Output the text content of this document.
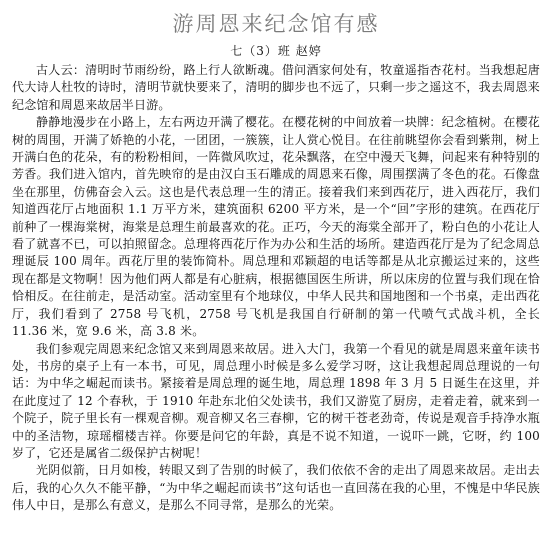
游周恩来纪念馆有感
七（3）班 赵婷

古人云：清明时节雨纷纷，路上行人欲断魂。借问酒家何处有，牧童遥指杏花村。当我想起唐代大诗人杜牧的诗时，清明节就快要来了，清明的脚步也不远了，只剩一步之遥这不，我去周恩来纪念馆和周恩来故居半日游。

静静地漫步在小路上，左右两边开满了樱花。在樱花树的中间放着一块牌：纪念植树。在樱花树的周围，开满了娇艳的小花，一团团，一簇簇，让人赏心悦目。在往前眺望你会看到紫荆，树上开满白色的花朵，有的粉粉相间，一阵微风吹过，花朵飘落，在空中漫天飞舞，问起来有种特别的芳香。我们进入馆内，首先映帘的是由汉白玉石雕成的周恩来石像，周围摆满了冬色的花。石像盘坐在那里，仿佛奋会入云。这也是代表总理一生的清正。接着我们来到西花厅，进入西花厅，我们知道西花厅占地面积 1.1 万平方米，建筑面积 6200 平方米，是一个“回”字形的建筑。在西花厅前种了一棵海棠树，海棠是总理生前最喜欢的花。正巧，今天的海棠全部开了，粉白色的小花让人看了就喜不已，可以拍照留念。总理将西花厅作为办公和生活的场所。建造西花厅是为了纪念周总理诞辰 100 周年。西花厅里的装饰简朴。周总理和邓颖超的电话等都是从北京搬运过来的，这些现在都是文物啊！因为他们两人都是有心脏病，根据德国医生所讲，所以床房的位置与我们现在恰恰相反。在往前走，是活动室。活动室里有个地球仪，中华人民共和国地图和一个书桌，走出西花厅，我们看到了 2758 号飞机，2758 号飞机是我国自行研制的第一代喷气式战斗机，全长 11.36 米，宽 9.6 米，高 3.8 米。

我们参观完周恩来纪念馆又来到周恩来故居。进入大门，我第一个看见的就是周恩来童年读书处，书房的桌子上有一本书，可见，周总理小时候是多么爱学习呀，这让我想起周总理说的一句话：为中华之崛起而读书。紧接着是周总理的诞生地，周总理 1898 年 3 月 5 日诞生在这里，并在此度过了 12 个春秋，于 1910 年赴东北伯父处读书，我们又游览了厨房，走着走着，就来到一个院子，院子里长有一棵观音柳。观音柳又名三春柳，它的树干苍老劲奇，传说是观音手持净水瓶中的圣洁物，琼瑶榴楼吉祥。你要是问它的年龄，真是不说不知道，一说吓一跳，它呀，约 100 岁了，它还是属省二级保护古树呢！

光阴似箭，日月如梭，转眼又到了告别的时候了，我们依依不舍的走出了周恩来故居。走出去后，我的心久久不能平静，“为中华之崛起而读书”这句话也一直回荡在我的心里，不愧是中华民族伟人中日，是那么有意义，是那么不同寻常，是那么的光荣。
